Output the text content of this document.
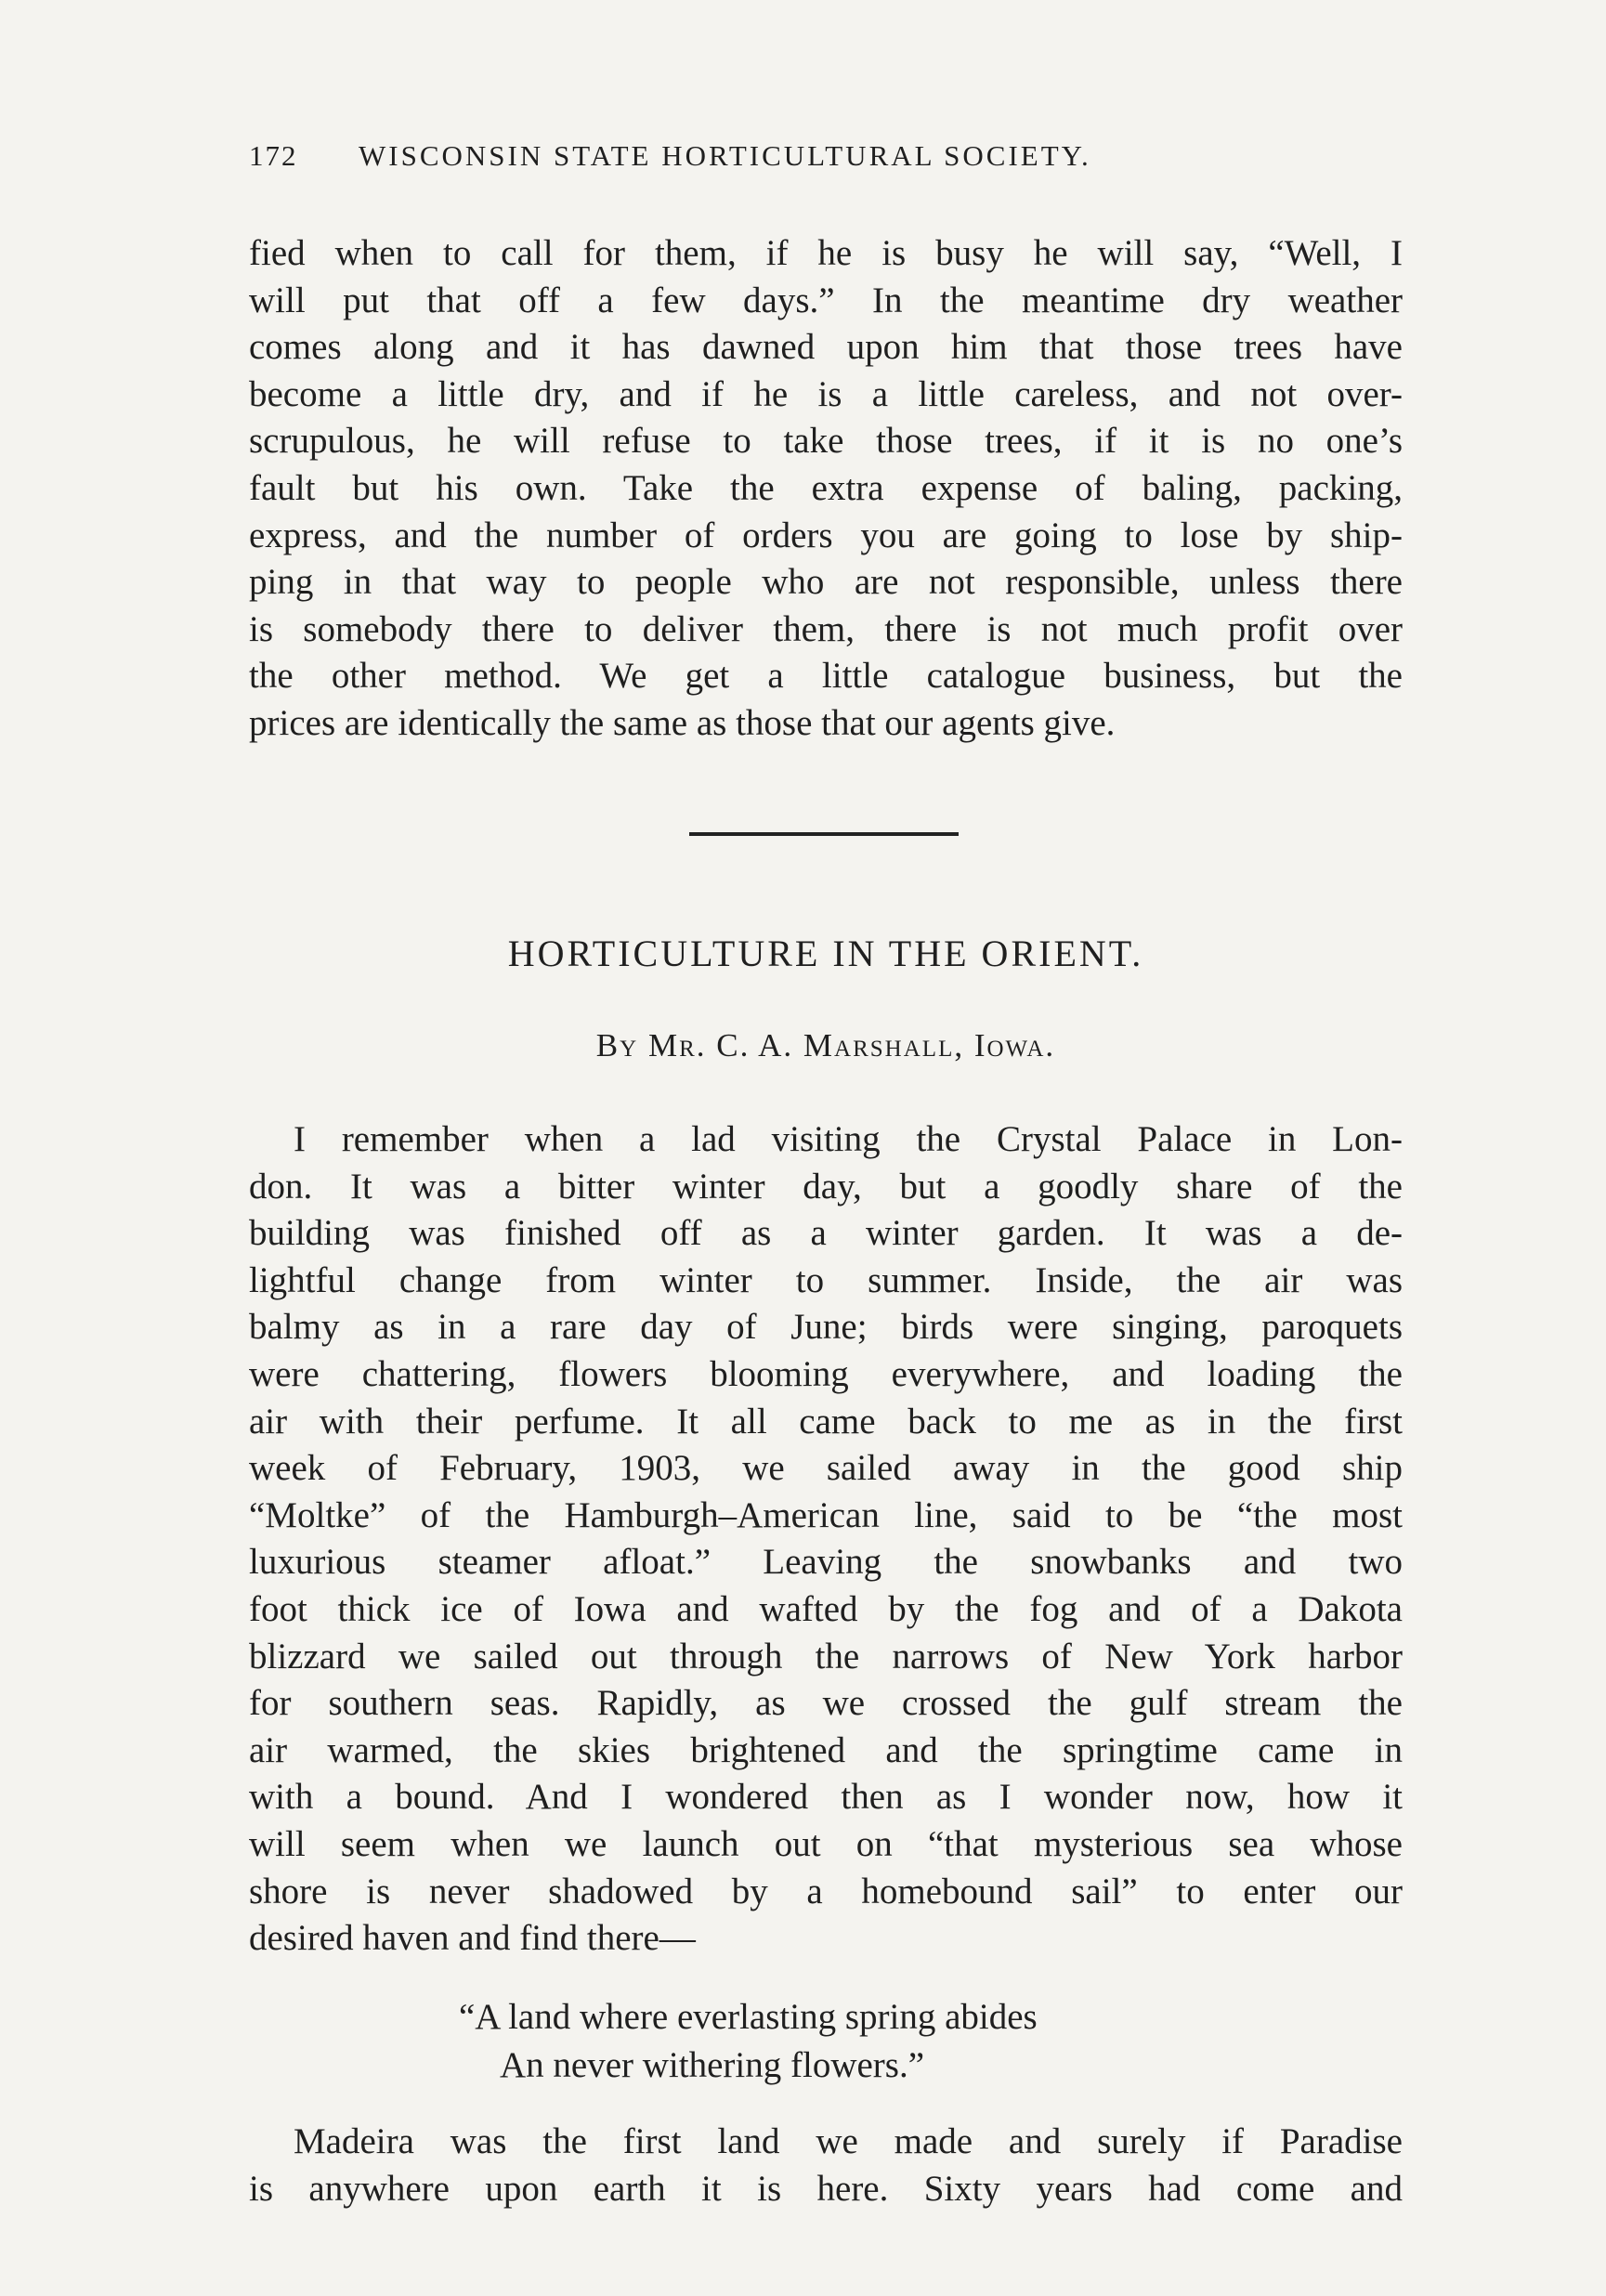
172	WISCONSIN STATE HORTICULTURAL SOCIETY.
fied when to call for them, if he is busy he will say, “Well, I
will put that off a few days.” In the meantime dry weather
comes along and it has dawned upon him that those trees have
become a little dry, and if he is a little careless, and not over-
scrupulous, he will refuse to take those trees, if it is no one’s
fault but his own. Take the extra expense of baling, packing,
express, and the number of orders you are going to lose by ship-
ping in that way to people who are not responsible, unless there
is somebody there to deliver them, there is not much profit over
the other method. We get a little catalogue business, but the
prices are identically the same as those that our agents give.
HORTICULTURE IN THE ORIENT.
By Mr. C. A. Marshall, Iowa.
I remember when a lad visiting the Crystal Palace in Lon-
don. It was a bitter winter day, but a goodly share of the
building was finished off as a winter garden. It was a de-
lightful change from winter to summer. Inside, the air was
balmy as in a rare day of June; birds were singing, paroquets
were chattering, flowers blooming everywhere, and loading the
air with their perfume. It all came back to me as in the first
week of February, 1903, we sailed away in the good ship
“Moltke” of the Hamburgh–American line, said to be “the most
luxurious steamer afloat.” Leaving the snowbanks and two
foot thick ice of Iowa and wafted by the fog and of a Dakota
blizzard we sailed out through the narrows of New York harbor
for southern seas. Rapidly, as we crossed the gulf stream the
air warmed, the skies brightened and the springtime came in
with a bound. And I wondered then as I wonder now, how it
will seem when we launch out on “that mysterious sea whose
shore is never shadowed by a homebound sail” to enter our
desired haven and find there—
“A land where everlasting spring abides
An never withering flowers.”
Madeira was the first land we made and surely if Paradise
is anywhere upon earth it is here. Sixty years had come and
